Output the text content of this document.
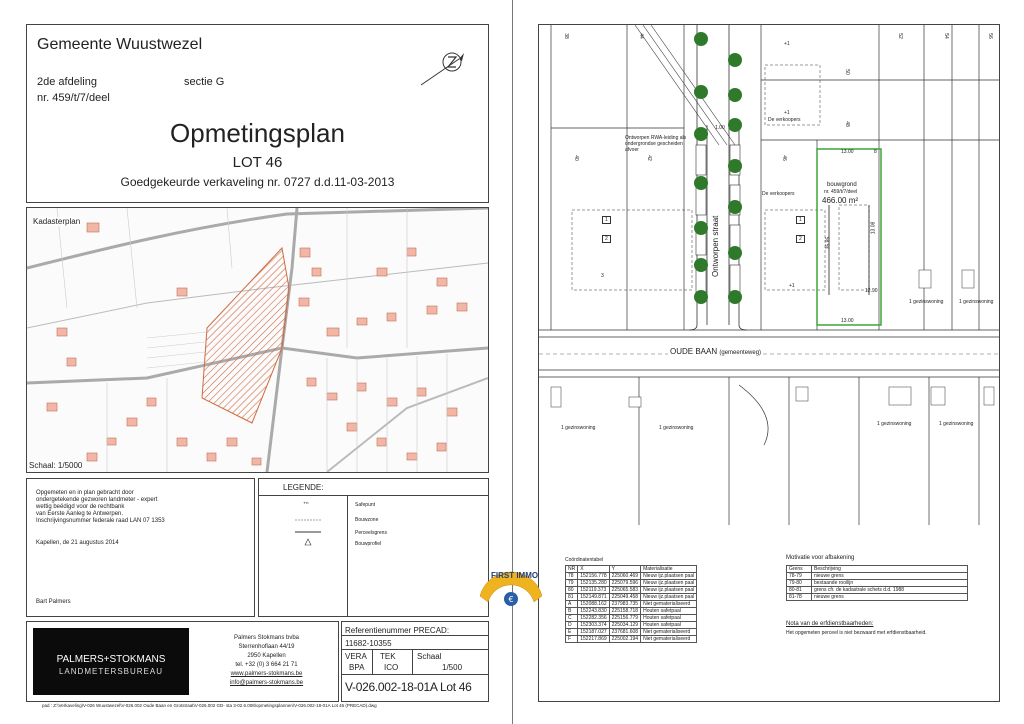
Gemeente Wuustwezel
2de afdeling	sectie G
nr. 459/t/7/deel
Opmetingsplan
LOT 46
Goedgekeurde verkaveling nr. 0727 d.d.11-03-2013
Kadasterplan
Schaal: 1/5000
Opgemeten en in plan gebracht door
ondergetekende gezworen landmeter - expert
wettig beëdigd voor de rechtbank
van Eerste Aanleg te Antwerpen.
Inschrijvingsnummer federale raad LAN 07 1353
Kapellen, de 21 augustus 2014
Bart Palmers
LEGENDE:
⁺ⁿ	Safepunt
Bouwzone
Perceelsgrens
Bouwprofiel
PALMERS+STOKMANS
LANDMETERSBUREAU
Palmers Stokmans bvba
Sterrenhoflaan 44/19
2950 Kapellen
tel. +32 (0) 3 664 21 71
www.palmers-stokmans.be
info@palmers-stokmans.be
Referentienummer PRECAD:
11682-10355
VERA TEK	Schaal
BPA ICO	1/500
V-026.002-18-01A Lot 46
pad : Z:\Verkaveling\V-026 Wuustwezel\V-026.002 Oude Baan en Grotstraat\V-026.002 GD- sta 3-02.6.008\opmetingsplannen\V-026.002-18-01A Lot 46 (PRECAD).dwg
OUDE BAAN (gemeenteweg)
Ontworpen straat
bouwgrond
nr. 459/t/7/deel
466.00 m²
De verkoopers
De verkoopers
Ontworpen RWA-leiding als ondergrondse gescheiden afvoer
1 gezinswoning	1 gezinswoning
1 gezinswoning	1 gezinswoning
1 gezinswoning	1 gezinswoning
38
40	42
44
46
48
50
52	54	56
1
2
3
1
2
+1
+1
+1
13.00
13.00
35.85
13.08
12.90
1.00
8
Coördinatentabel
NR	X	Y	Materialisatie
78	152156.778	225060.469	Nieuw ijz.plaatsen paal
79	152135.280	225079.596	Nieuw ijz.plaatsen paal
80	152119.373	225065.583	Nieuw ijz.plaatsen paal
81	152149.871	225049.458	Nieuw ijz.plaatsen paal
A	152088.162	237983.735	Niet gematerialiseerd
B	152243.830	225158.718	Houten safetpaal
C	152282.356	225156.779	Houten safetpaal
D	152303.374	225034.129	Houten safetpaal
E	152187.027	237681.608	Niet gematerialiseerd
F	152217.869	225002.194	Niet gematerialiseerd
Motivatie voor afbakening
Grens	Beschrijving
78-79	nieuwe grens
79-80	bestaande rooilijn
80-81	grens cfr. de kadastrale schets d.d. 1988
81-78	nieuwe grens
Nota van de erfdienstbaarheden:
Het opgemeten perceel is niet bezwaard met erfdienstbaarheid.
€
FIRST IMMO
